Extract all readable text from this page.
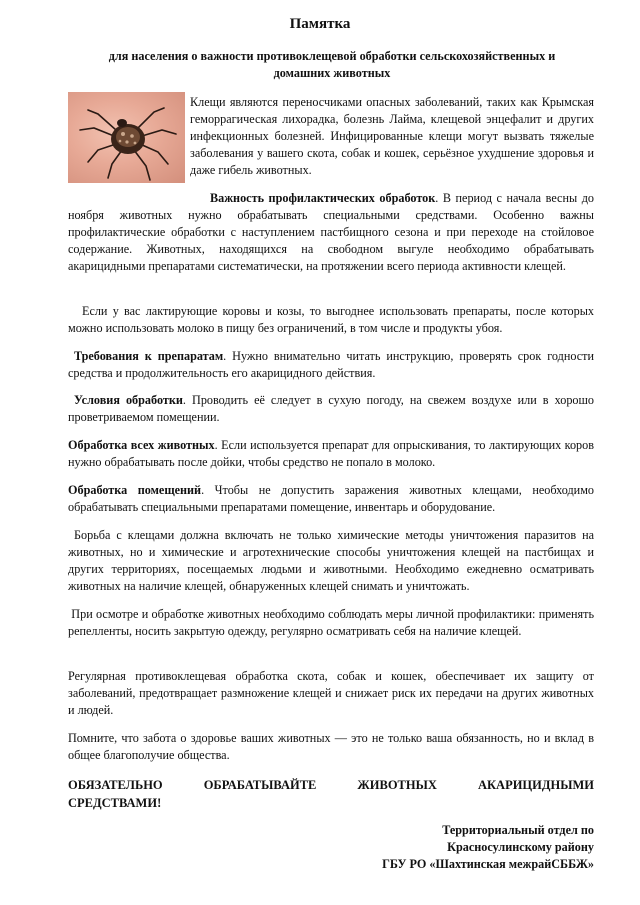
Памятка
для населения о важности противоклещевой обработки сельскохозяйственных и домашних животных
Клещи являются переносчиками опасных заболеваний, таких как Крымская геморрагическая лихорадка, болезнь Лайма, клещевой энцефалит и других инфекционных болезней. Инфицированные клещи могут вызвать тяжелые заболевания у вашего скота, собак и кошек, серьёзное ухудшение здоровья и даже гибель животных.
Важность профилактических обработок. В период с начала весны до ноября животных нужно обрабатывать специальными средствами. Особенно важны профилактические обработки с наступлением пастбищного сезона и при переходе на стойловое содержание. Животных, находящихся на свободном выгуле необходимо обрабатывать акарицидными препаратами систематически, на протяжении всего периода активности клещей.
Если у вас лактирующие коровы и козы, то выгоднее использовать препараты, после которых можно использовать молоко в пищу без ограничений, в том числе и продукты убоя.
Требования к препаратам. Нужно внимательно читать инструкцию, проверять срок годности средства и продолжительность его акарицидного действия.
Условия обработки. Проводить её следует в сухую погоду, на свежем воздухе или в хорошо проветриваемом помещении.
Обработка всех животных. Если используется препарат для опрыскивания, то лактирующих коров нужно обрабатывать после дойки, чтобы средство не попало в молоко.
Обработка помещений. Чтобы не допустить заражения животных клещами, необходимо обрабатывать специальными препаратами помещение, инвентарь и оборудование.
Борьба с клещами должна включать не только химические методы уничтожения паразитов на животных, но и химические и агротехнические способы уничтожения клещей на пастбищах и других территориях, посещаемых людьми и животными. Необходимо ежедневно осматривать животных на наличие клещей, обнаруженных клещей снимать и уничтожать.
При осмотре и обработке животных необходимо соблюдать меры личной профилактики: применять репелленты, носить закрытую одежду, регулярно осматривать себя на наличие клещей.
Регулярная противоклещевая обработка скота, собак и кошек, обеспечивает их защиту от заболеваний, предотвращает размножение клещей и снижает риск их передачи на других животных и людей.
Помните, что забота о здоровье ваших животных — это не только ваша обязанность, но и вклад в общее благополучие общества.
ОБЯЗАТЕЛЬНО	ОБРАБАТЫВАЙТЕ	ЖИВОТНЫХ	АКАРИЦИДНЫМИ
СРЕДСТВАМИ!
Территориальный отдел по
Красносулинскому району
ГБУ РО «Шахтинская межрайСББЖ»
